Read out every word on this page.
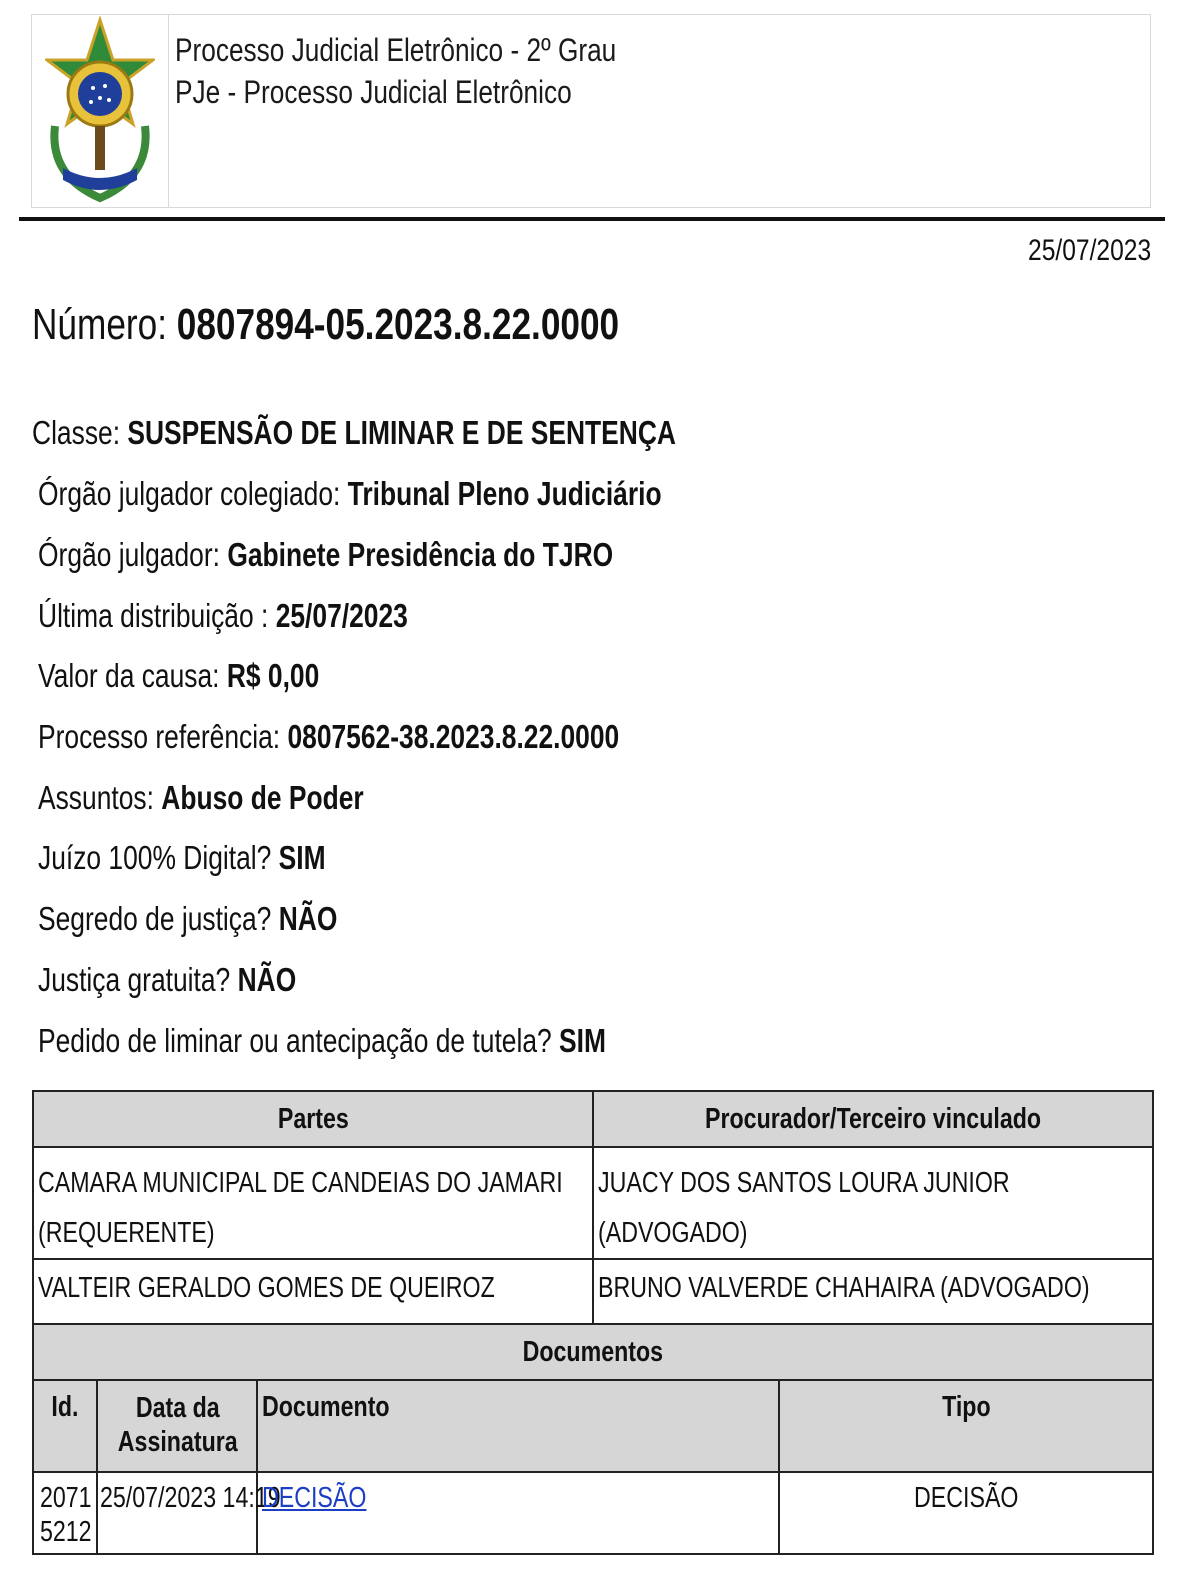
Processo Judicial Eletrônico - 2º Grau
PJe - Processo Judicial Eletrônico
25/07/2023
Número: 0807894-05.2023.8.22.0000
Classe: SUSPENSÃO DE LIMINAR E DE SENTENÇA
Órgão julgador colegiado: Tribunal Pleno Judiciário
Órgão julgador: Gabinete Presidência do TJRO
Última distribuição : 25/07/2023
Valor da causa: R$ 0,00
Processo referência: 0807562-38.2023.8.22.0000
Assuntos: Abuso de Poder
Juízo 100% Digital? SIM
Segredo de justiça? NÃO
Justiça gratuita? NÃO
Pedido de liminar ou antecipação de tutela? SIM
Partes	Procurador/Terceiro vinculado

CAMARA MUNICIPAL DE CANDEIAS DO JAMARI (REQUERENTE)	JUACY DOS SANTOS LOURA JUNIOR (ADVOGADO)

VALTEIR GERALDO GOMES DE QUEIROZ	BRUNO VALVERDE CHAHAIRA (ADVOGADO)
Documentos			
Id.	Data da Assinatura	Documento	Tipo
20715212	25/07/2023 14:19	DECISÃO	DECISÃO
